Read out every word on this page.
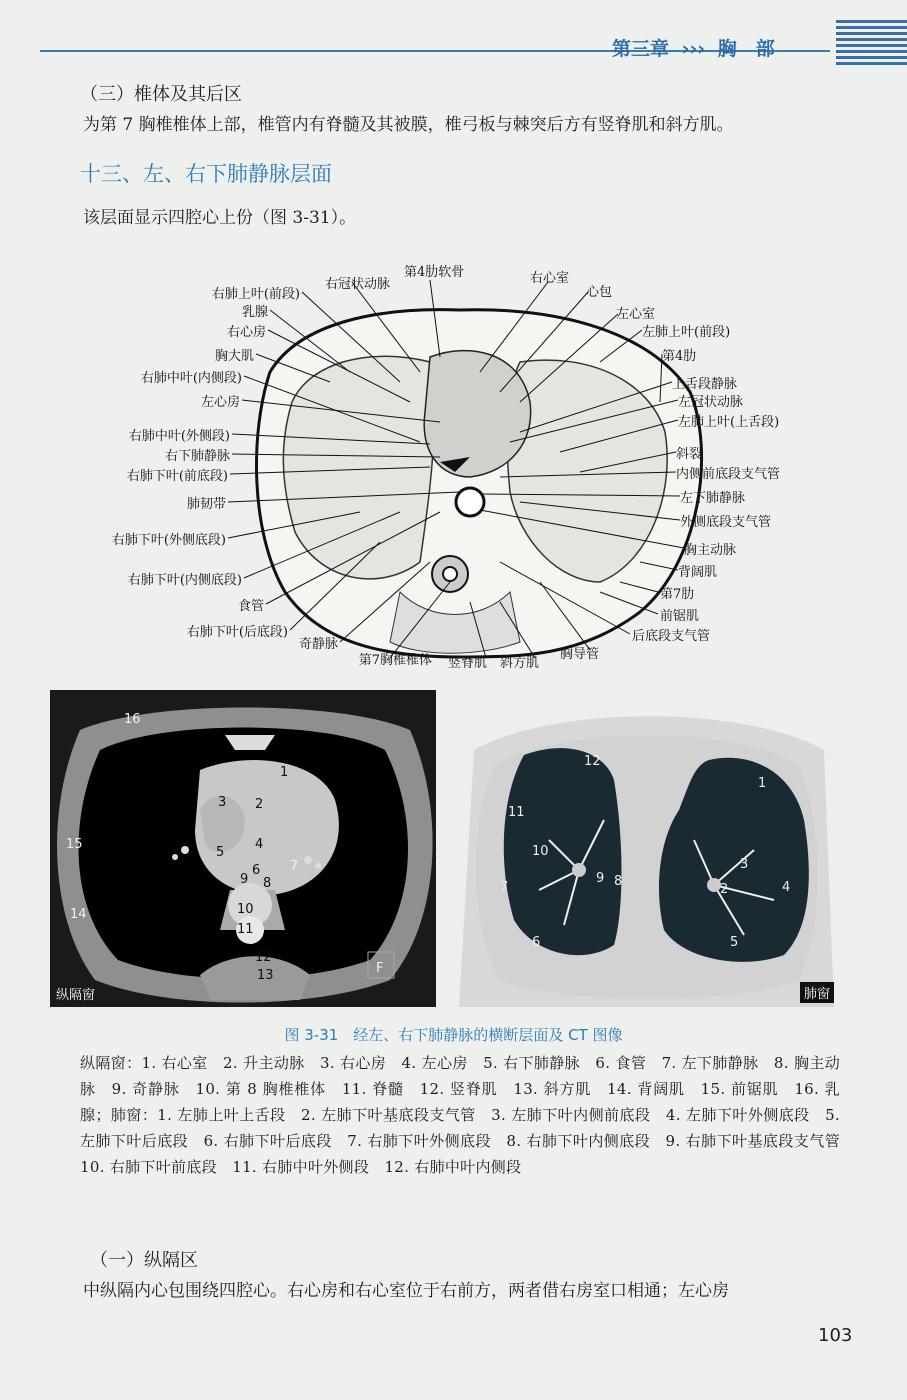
第三章 ››› 胸　部
（三）椎体及其后区
为第 7 胸椎椎体上部，椎管内有脊髓及其被膜，椎弓板与棘突后方有竖脊肌和斜方肌。
十三、左、右下肺静脉层面
该层面显示四腔心上份（图 3-31）。
右冠状动脉
右肺上叶(前段)
乳腺
右心房
胸大肌
右肺中叶(内侧段)
左心房
右肺中叶(外侧段)
右下肺静脉
右肺下叶(前底段)
肺韧带
右肺下叶(外侧底段)
右肺下叶(内侧底段)
食管
右肺下叶(后底段)
奇静脉
第7胸椎椎体
第4肋软骨	右心室
心包
左心室
左肺上叶(前段)
第4肋
上舌段静脉
左冠状动脉
左肺上叶(上舌段)
斜裂
内侧前底段支气管
左下肺静脉
外侧底段支气管
胸主动脉
背阔肌
第7肋
前锯肌
后底段支气管
胸导管
斜方肌
竖脊肌
F
1
2
3
4
5
6 7
8
9
10
11
12
13
14
15
16
纵隔窗
12
1
11
10
9 8
7
6
3
2	4
5
肺窗
图 3-31　经左、右下肺静脉的横断层面及 CT 图像
纵隔窗：1. 右心室　2. 升主动脉　3. 右心房　4. 左心房　5. 右下肺静脉　6. 食管　7. 左下肺静脉　8. 胸主动脉　9. 奇静脉　10. 第 8 胸椎椎体　11. 脊髓　12. 竖脊肌　13. 斜方肌　14. 背阔肌　15. 前锯肌　16. 乳腺；肺窗：1. 左肺上叶上舌段　2. 左肺下叶基底段支气管　3. 左肺下叶内侧前底段　4. 左肺下叶外侧底段　5. 左肺下叶后底段　6. 右肺下叶后底段　7. 右肺下叶外侧底段　8. 右肺下叶内侧底段　9. 右肺下叶基底段支气管　10. 右肺下叶前底段　11. 右肺中叶外侧段　12. 右肺中叶内侧段
（一）纵隔区
中纵隔内心包围绕四腔心。右心房和右心室位于右前方，两者借右房室口相通；左心房
103
